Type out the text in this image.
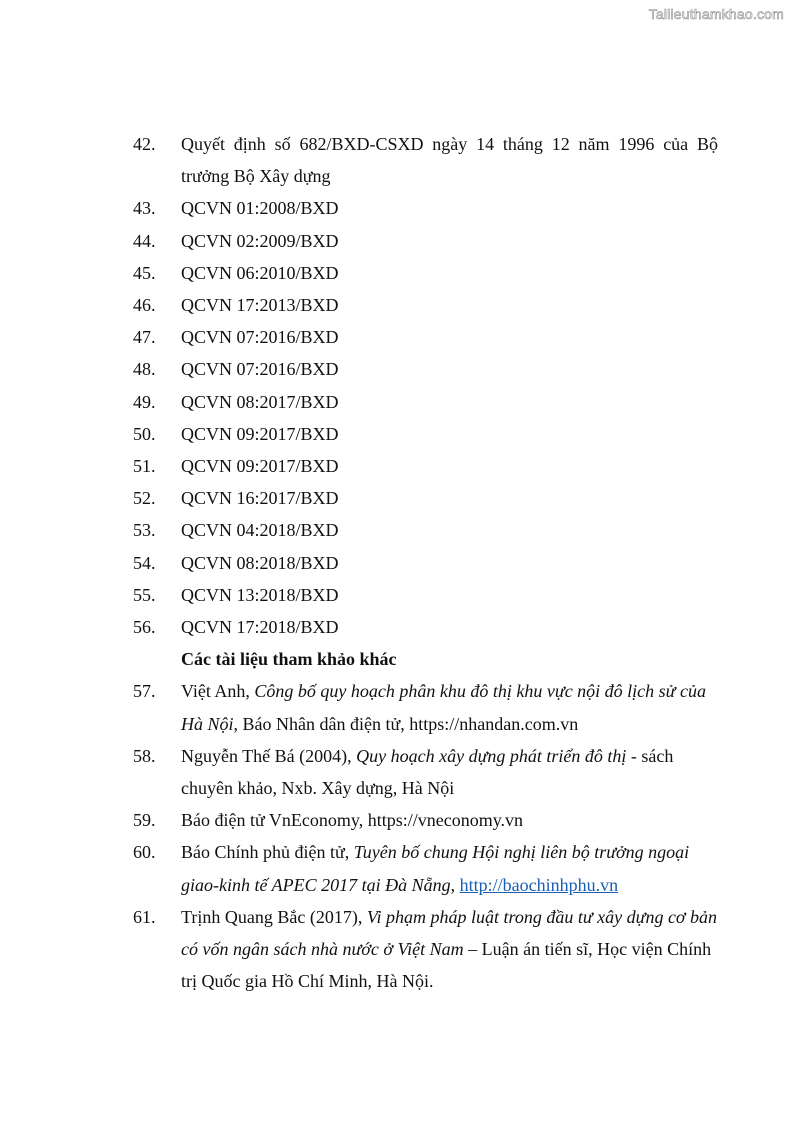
Tailieuthamkhao.com
42. Quyết định số 682/BXD-CSXD ngày 14 tháng 12 năm 1996 của Bộ trưởng Bộ Xây dựng
43. QCVN 01:2008/BXD
44. QCVN 02:2009/BXD
45. QCVN 06:2010/BXD
46. QCVN 17:2013/BXD
47. QCVN 07:2016/BXD
48. QCVN 07:2016/BXD
49. QCVN 08:2017/BXD
50. QCVN 09:2017/BXD
51. QCVN 09:2017/BXD
52. QCVN 16:2017/BXD
53. QCVN 04:2018/BXD
54. QCVN 08:2018/BXD
55. QCVN 13:2018/BXD
56. QCVN 17:2018/BXD
Các tài liệu tham khảo khác
57. Việt Anh, Công bố quy hoạch phân khu đô thị khu vực nội đô lịch sử của Hà Nội, Báo Nhân dân điện tử, https://nhandan.com.vn
58. Nguyễn Thế Bá (2004), Quy hoạch xây dựng phát triển đô thị - sách chuyên khảo, Nxb. Xây dựng, Hà Nội
59. Báo điện tử VnEconomy, https://vneconomy.vn
60. Báo Chính phủ điện tử, Tuyên bố chung Hội nghị liên bộ trưởng ngoại giao-kinh tế APEC 2017 tại Đà Nẵng, http://baochinhphu.vn
61. Trịnh Quang Bắc (2017), Vi phạm pháp luật trong đầu tư xây dựng cơ bản có vốn ngân sách nhà nước ở Việt Nam – Luận án tiến sĩ, Học viện Chính trị Quốc gia Hồ Chí Minh, Hà Nội.
